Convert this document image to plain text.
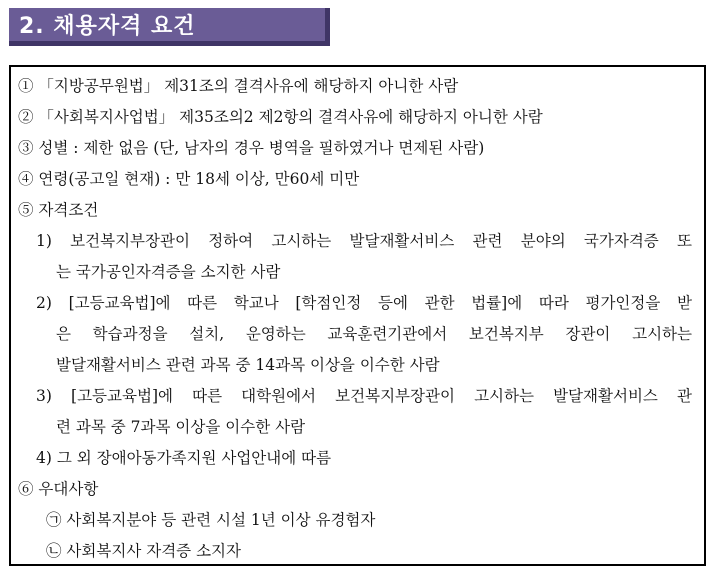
2. 채용자격 요건
① 「지방공무원법」 제31조의 결격사유에 해당하지 아니한 사람
② 「사회복지사업법」 제35조의2 제2항의 결격사유에 해당하지 아니한 사람
③ 성별 : 제한 없음 (단, 남자의 경우 병역을 필하였거나 면제된 사람)
④ 연령(공고일 현재) : 만 18세 이상, 만60세 미만
⑤ 자격조건
1) 보건복지부장관이 정하여 고시하는 발달재활서비스 관련 분야의 국가자격증 또
는 국가공인자격증을 소지한 사람
2) [고등교육법]에 따른 학교나 [학점인정 등에 관한 법률]에 따라 평가인정을 받
은 학습과정을 설치, 운영하는 교육훈련기관에서 보건복지부 장관이 고시하는
발달재활서비스 관련 과목 중 14과목 이상을 이수한 사람
3) [고등교육법]에 따른 대학원에서 보건복지부장관이 고시하는 발달재활서비스 관
련 과목 중 7과목 이상을 이수한 사람
4) 그 외 장애아동가족지원 사업안내에 따름
⑥ 우대사항
㉠ 사회복지분야 등 관련 시설 1년 이상 유경험자
㉡ 사회복지사 자격증 소지자
